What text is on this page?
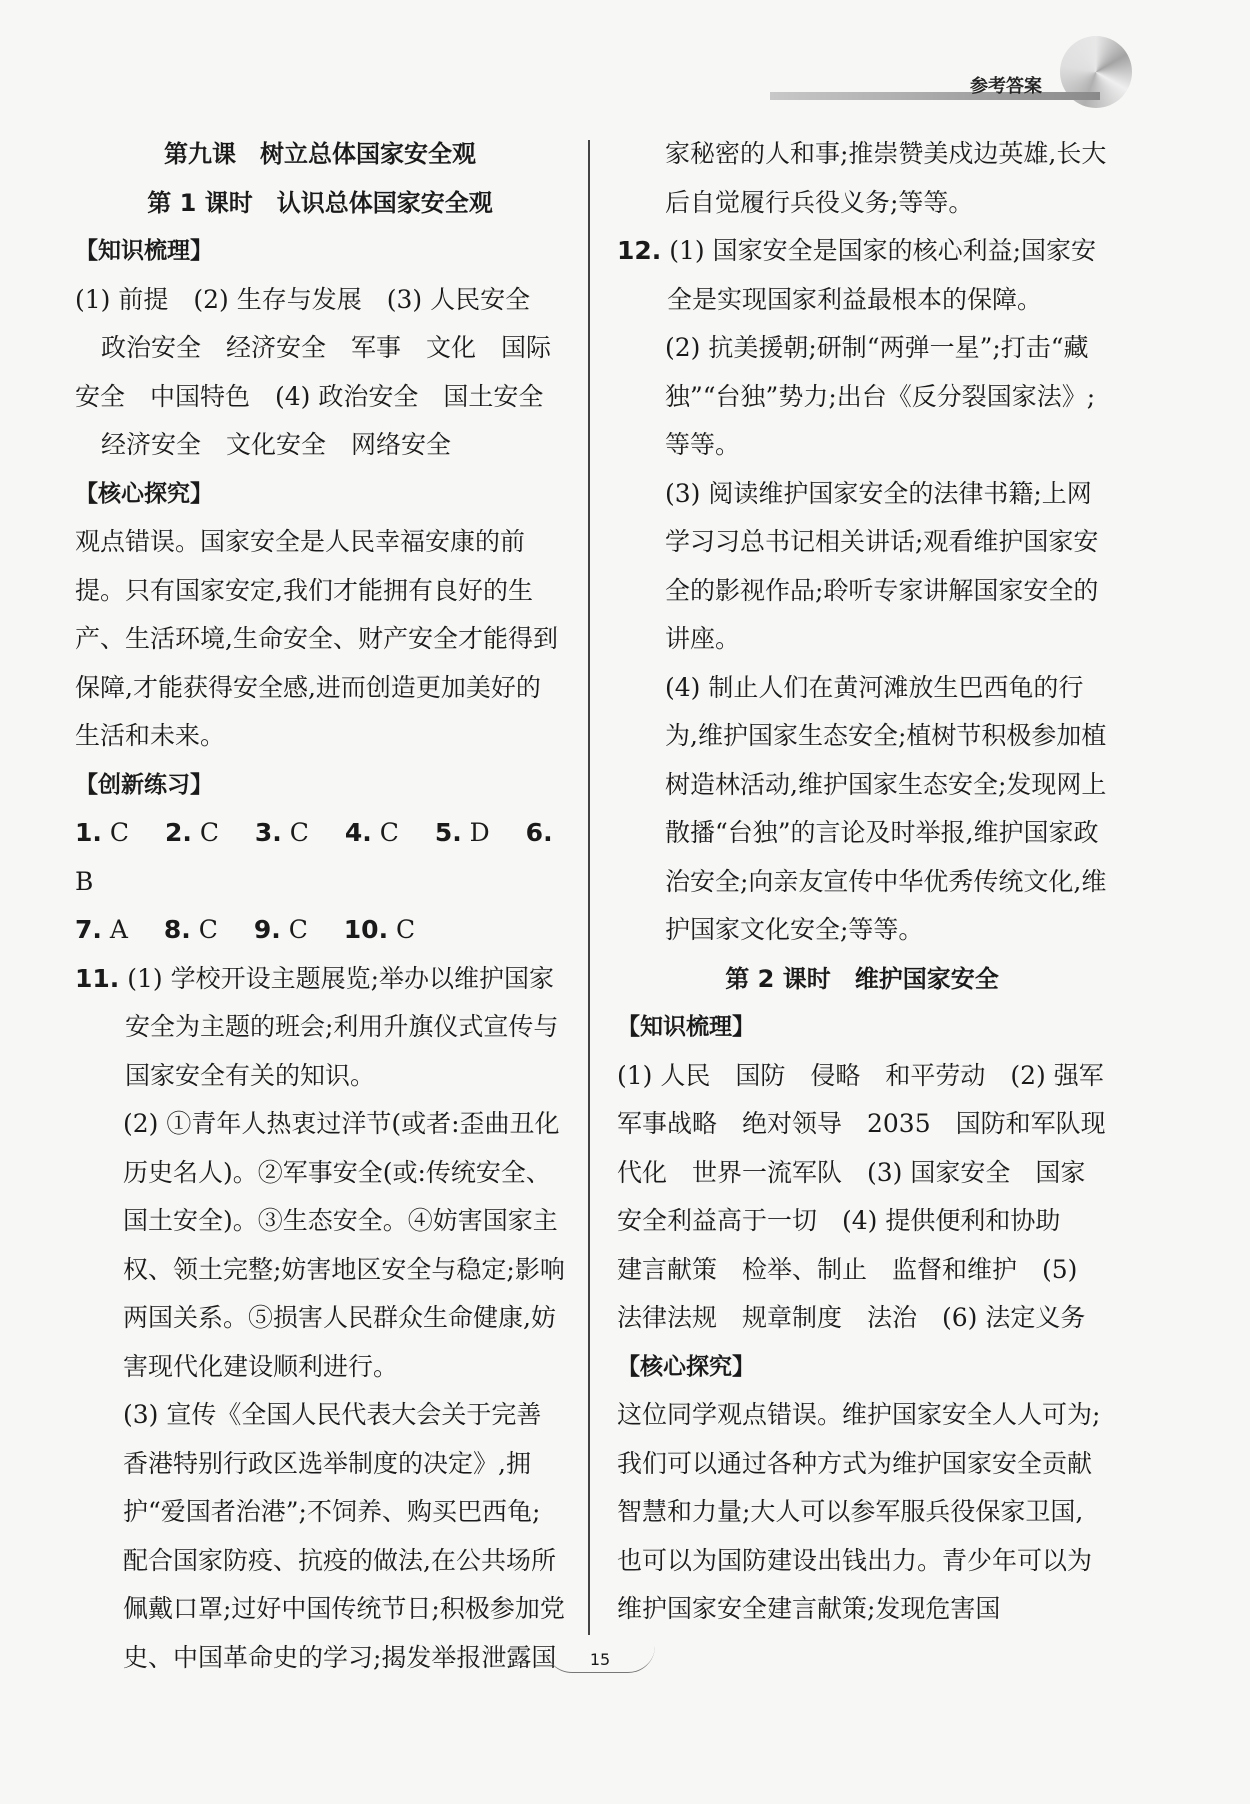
参考答案

第九课　树立总体国家安全观

第 1 课时　认识总体国家安全观

【知识梳理】

(1) 前提　(2) 生存与发展　(3) 人民安全

政治安全　经济安全　军事　文化　国际

安全　中国特色　(4) 政治安全　国土安全

经济安全　文化安全　网络安全

【核心探究】

观点错误。国家安全是人民幸福安康的前提。只有国家安定,我们才能拥有良好的生产、生活环境,生命安全、财产安全才能得到保障,才能获得安全感,进而创造更加美好的生活和未来。

【创新练习】

1. C 2. C 3. C 4. C 5. D 6. B

7. A 8. C 9. C 10. C

11. (1) 学校开设主题展览;举办以维护国家安全为主题的班会;利用升旗仪式宣传与国家安全有关的知识。

(2) ①青年人热衷过洋节(或者:歪曲丑化历史名人)。②军事安全(或:传统安全、国土安全)。③生态安全。④妨害国家主权、领土完整;妨害地区安全与稳定;影响两国关系。⑤损害人民群众生命健康,妨害现代化建设顺利进行。

(3) 宣传《全国人民代表大会关于完善香港特别行政区选举制度的决定》,拥护“爱国者治港”;不饲养、购买巴西龟;配合国家防疫、抗疫的做法,在公共场所佩戴口罩;过好中国传统节日;积极参加党史、中国革命史的学习;揭发举报泄露国

家秘密的人和事;推崇赞美戍边英雄,长大后自觉履行兵役义务;等等。

12. (1) 国家安全是国家的核心利益;国家安全是实现国家利益最根本的保障。

(2) 抗美援朝;研制“两弹一星”;打击“藏独”“台独”势力;出台《反分裂国家法》;等等。

(3) 阅读维护国家安全的法律书籍;上网学习习总书记相关讲话;观看维护国家安全的影视作品;聆听专家讲解国家安全的讲座。

(4) 制止人们在黄河滩放生巴西龟的行为,维护国家生态安全;植树节积极参加植树造林活动,维护国家生态安全;发现网上散播“台独”的言论及时举报,维护国家政治安全;向亲友宣传中华优秀传统文化,维护国家文化安全;等等。

第 2 课时　维护国家安全

【知识梳理】

(1) 人民　国防　侵略　和平劳动　(2) 强军　军事战略　绝对领导　2035　国防和军队现代化　世界一流军队　(3) 国家安全　国家安全利益高于一切　(4) 提供便利和协助　建言献策　检举、制止　监督和维护　(5) 法律法规　规章制度　法治　(6) 法定义务

【核心探究】

这位同学观点错误。维护国家安全人人可为;我们可以通过各种方式为维护国家安全贡献智慧和力量;大人可以参军服兵役保家卫国,也可以为国防建设出钱出力。青少年可以为维护国家安全建言献策;发现危害国

15
